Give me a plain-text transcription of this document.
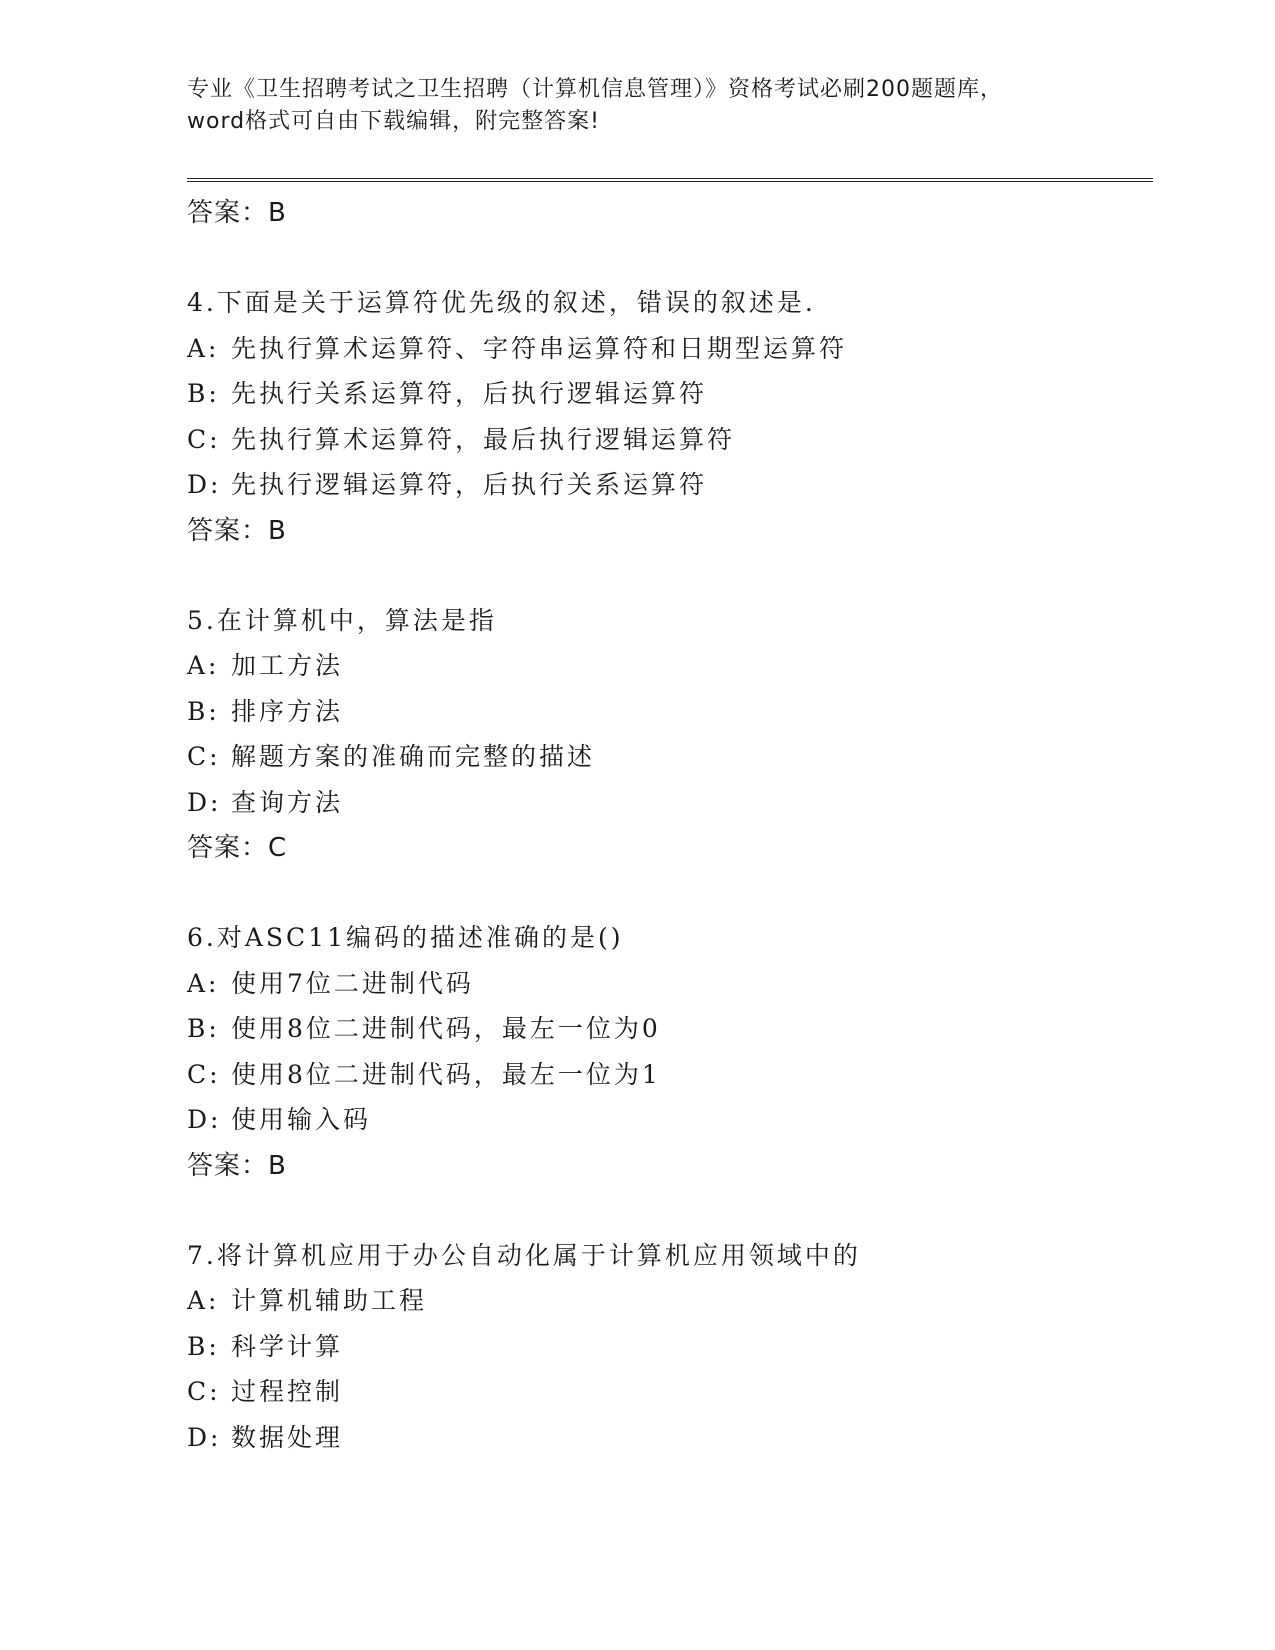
专业《卫生招聘考试之卫生招聘（计算机信息管理）》资格考试必刷200题题库，
word格式可自由下载编辑，附完整答案!
答案：B
4.下面是关于运算符优先级的叙述，错误的叙述是.
A: 先执行算术运算符、字符串运算符和日期型运算符
B: 先执行关系运算符，后执行逻辑运算符
C: 先执行算术运算符，最后执行逻辑运算符
D: 先执行逻辑运算符，后执行关系运算符
答案：B
5.在计算机中，算法是指
A: 加工方法
B: 排序方法
C: 解题方案的准确而完整的描述
D: 查询方法
答案：C
6.对ASC11编码的描述准确的是()
A: 使用7位二进制代码
B: 使用8位二进制代码，最左一位为0
C: 使用8位二进制代码，最左一位为1
D: 使用输入码
答案：B
7.将计算机应用于办公自动化属于计算机应用领域中的
A: 计算机辅助工程
B: 科学计算
C: 过程控制
D: 数据处理
